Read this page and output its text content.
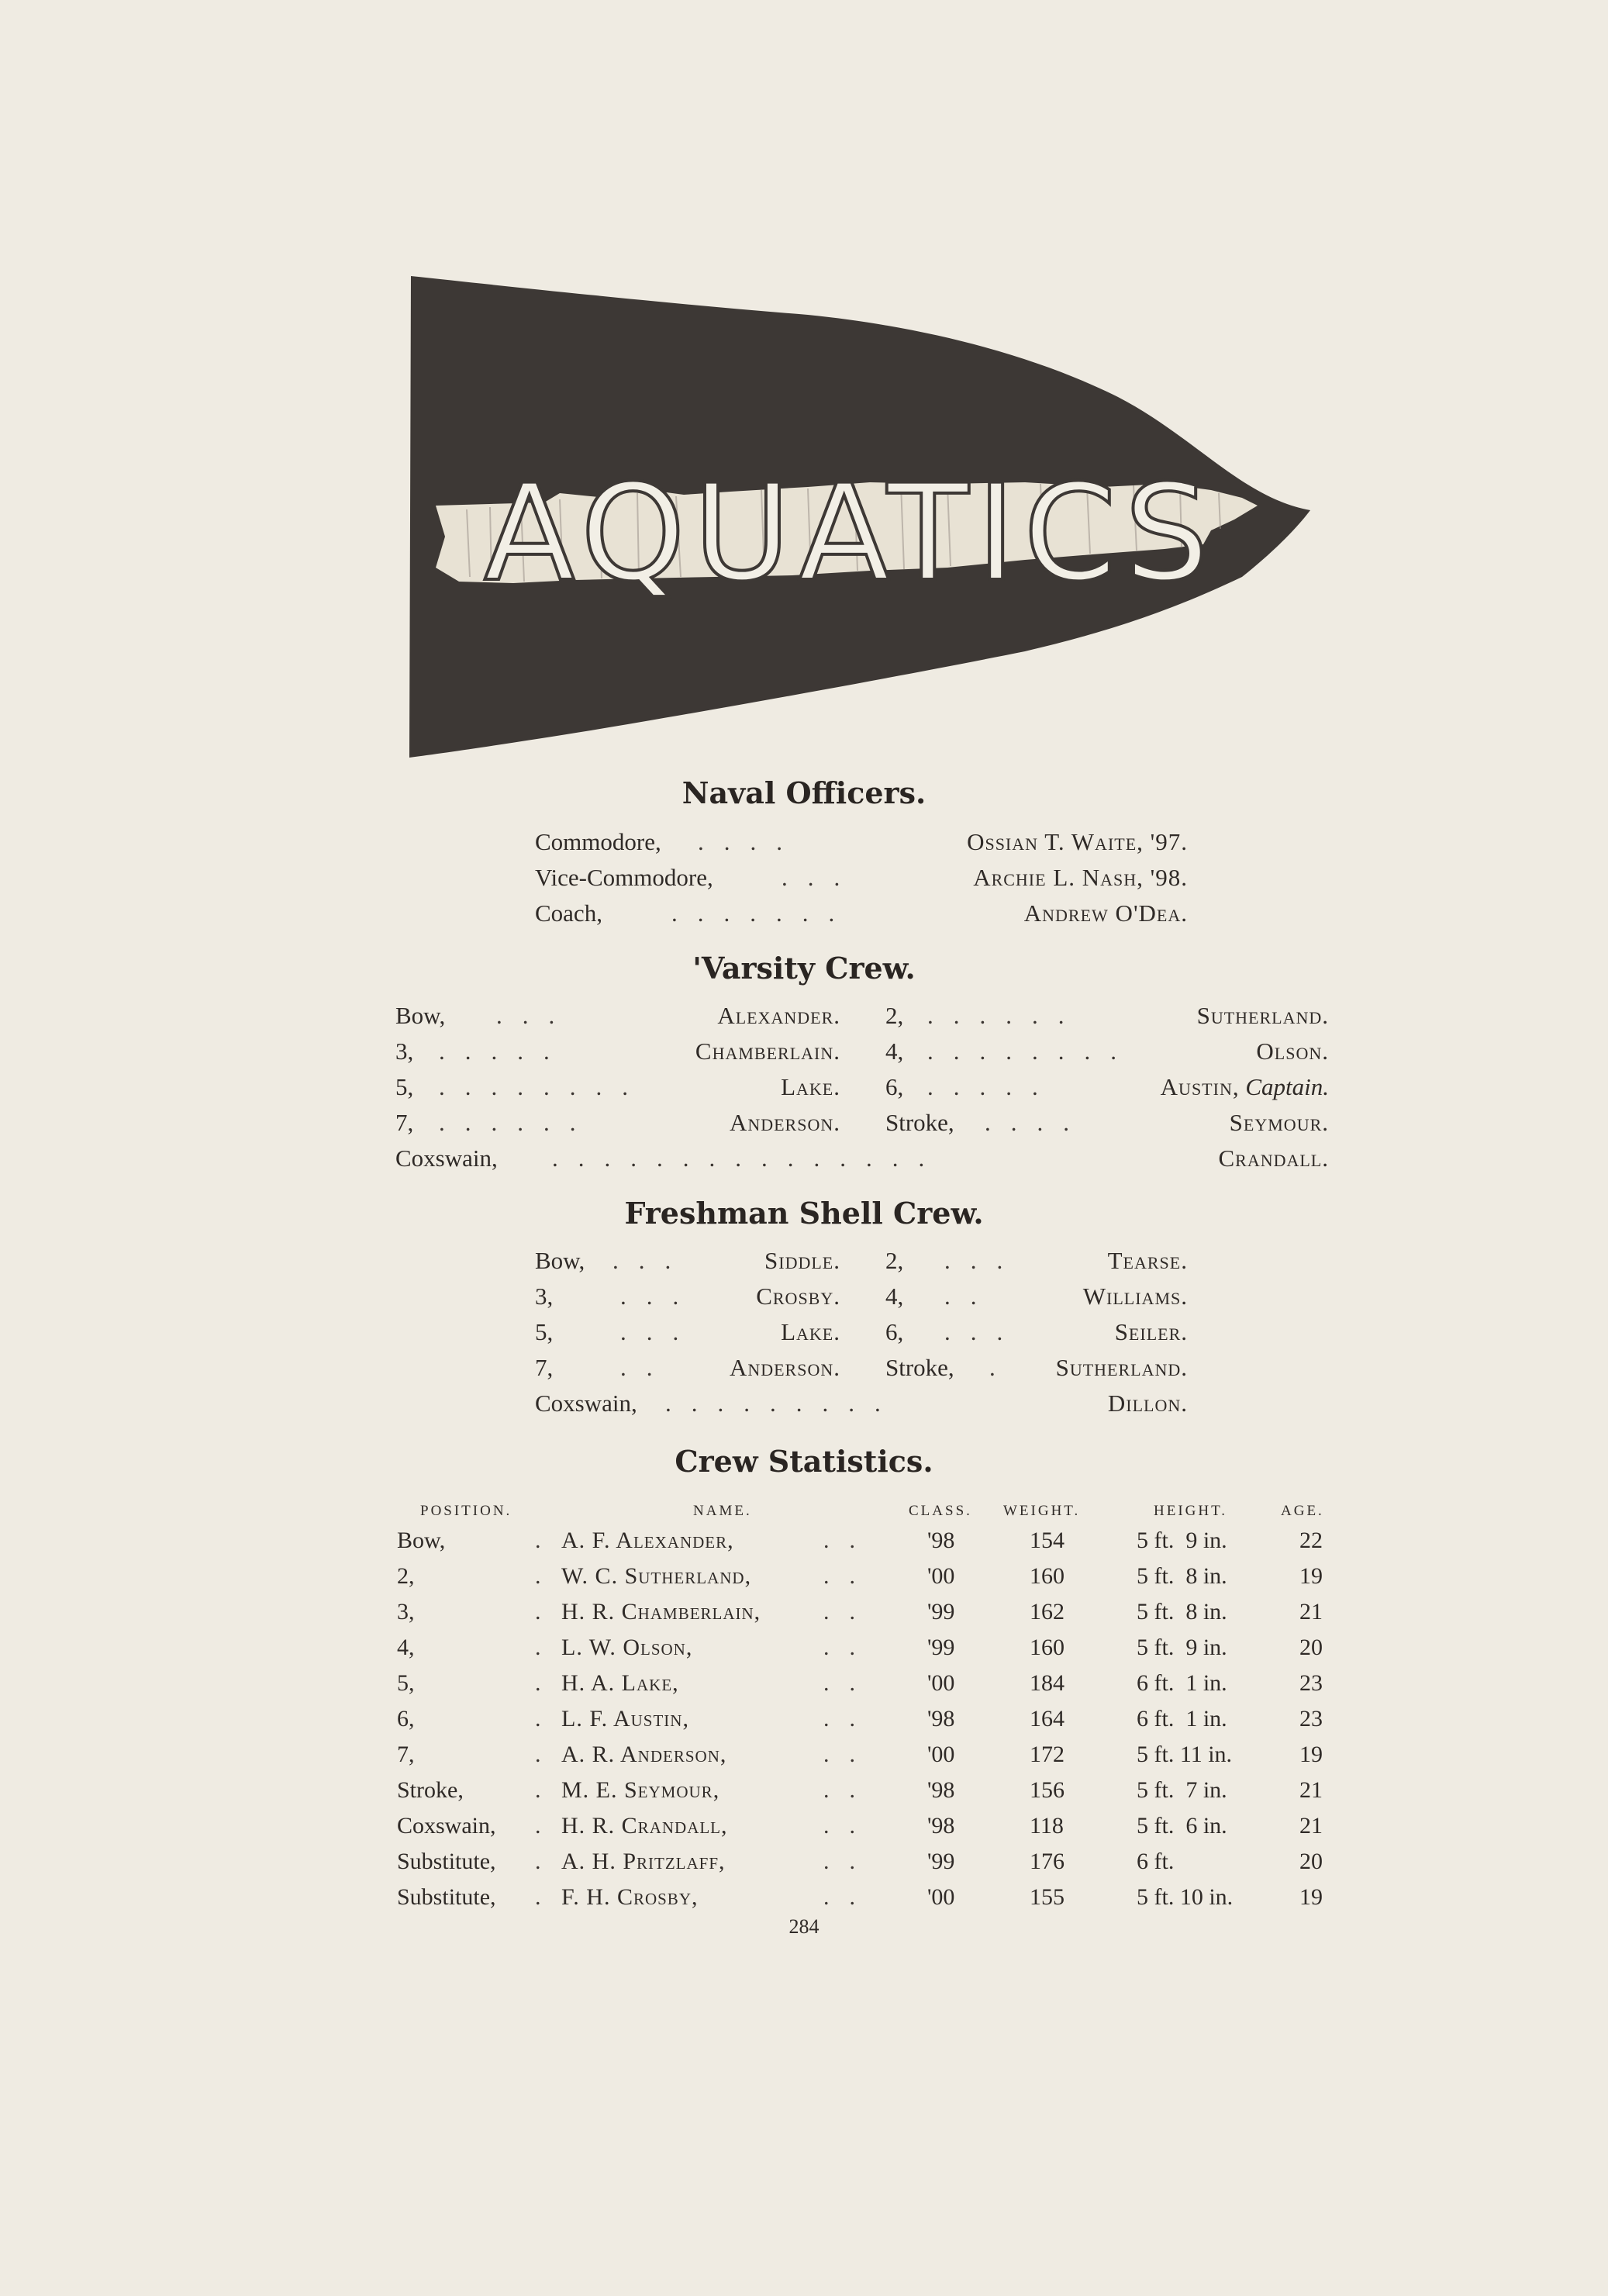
AQUATICS
Naval Officers.
Commodore, ....	Ossian T. Waite, '97.
Vice-Commodore,	...	Archie L. Nash, '98.
Coach,	.......	Andrew O'Dea.
'Varsity Crew.
Bow, ...	Alexander. 2, ......	Sutherland.
3, .....	Chamberlain. 4, ........	Olson.
5, ........	Lake. 6, .....	Austin, Captain.
7, ......	Anderson. Stroke, ....	Seymour.
Coxswain, ...............	Crandall.
Freshman Shell Crew.
Bow, ...	Siddle. 2, ...	Tearse.
3,	...	Crosby. 4, ..	Williams.
5,	...	Lake. 6, ...	Seiler.
7,	..	Anderson. Stroke, .	Sutherland.
Coxswain, .........	Dillon.
Crew Statistics.
POSITION.	NAME.	CLASS. WEIGHT.	HEIGHT.	AGE.
Bow,	A. F. Alexander,	'98	154	5 ft.  9 in.	22
.	..
2,	W. C. Sutherland,	'00	160	5 ft.  8 in.	19
.	..
3,	H. R. Chamberlain,	'99	162	5 ft.  8 in.	21
.	..
4,	L. W. Olson,	'99	160	5 ft.  9 in.	20
.	..
5,	H. A. Lake,	'00	184	6 ft.  1 in.	23
.	..
6,	L. F. Austin,	'98	164	6 ft.  1 in.	23
.	..
7,	A. R. Anderson,	'00	172	5 ft. 11 in.	19
.	..
Stroke,	M. E. Seymour,	'98	156	5 ft.  7 in.	21
.	..
Coxswain,	H. R. Crandall,	'98	118	5 ft.  6 in.	21
.	..
Substitute,	A. H. Pritzlaff,	'99	176	6 ft.	20
.	..
Substitute,	F. H. Crosby,	'00	155	5 ft. 10 in.	19
.	..
284
